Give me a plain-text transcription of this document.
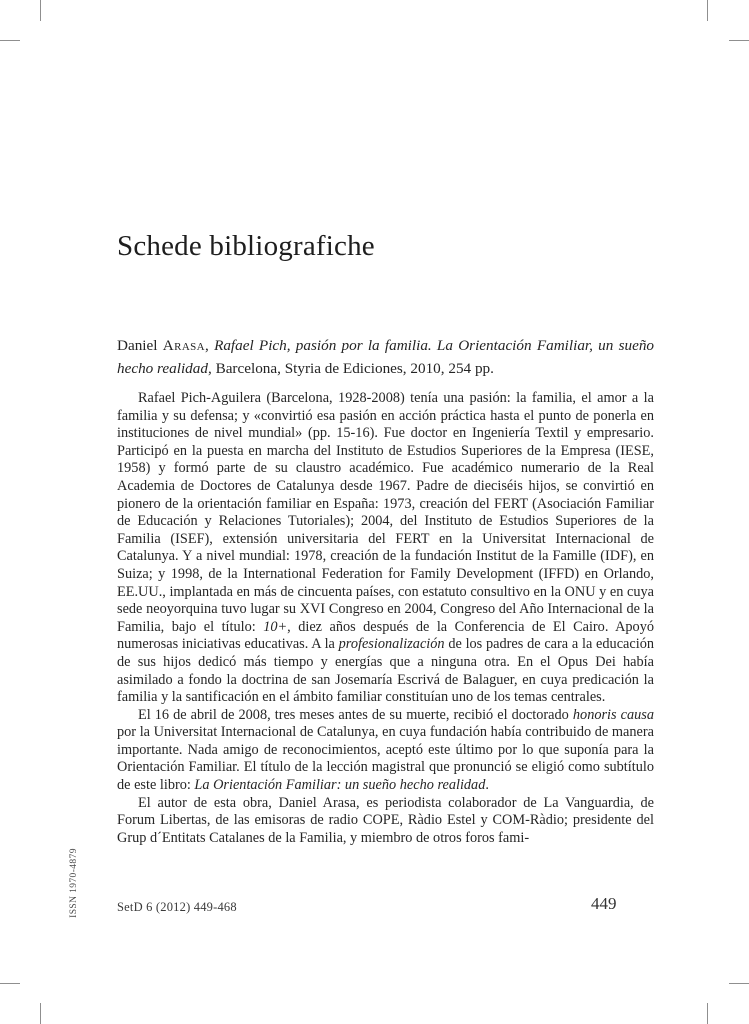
ISSN 1970-4879
Schede bibliografiche

Daniel Arasa, Rafael Pich, pasión por la familia. La Orientación Familiar, un sueño hecho realidad, Barcelona, Styria de Ediciones, 2010, 254 pp.

Rafael Pich-Aguilera (Barcelona, 1928-2008) tenía una pasión: la familia, el amor a la familia y su defensa; y «convirtió esa pasión en acción práctica hasta el punto de ponerla en instituciones de nivel mundial» (pp. 15-16). Fue doctor en Ingeniería Textil y empresario. Participó en la puesta en marcha del Instituto de Estudios Superiores de la Empresa (IESE, 1958) y formó parte de su claustro académico. Fue académico numerario de la Real Academia de Doctores de Catalunya desde 1967. Padre de dieciséis hijos, se convirtió en pionero de la orientación familiar en España: 1973, creación del FERT (Asociación Familiar de Educación y Relaciones Tutoriales); 2004, del Instituto de Estudios Superiores de la Familia (ISEF), extensión universitaria del FERT en la Universitat Internacional de Catalunya. Y a nivel mundial: 1978, creación de la fundación Institut de la Famille (IDF), en Suiza; y 1998, de la International Federation for Family Development (IFFD) en Orlando, EE.UU., implantada en más de cincuenta países, con estatuto consultivo en la ONU y en cuya sede neoyorquina tuvo lugar su XVI Congreso en 2004, Congreso del Año Internacional de la Familia, bajo el título: 10+, diez años después de la Conferencia de El Cairo. Apoyó numerosas iniciativas educativas. A la profesionalización de los padres de cara a la educación de sus hijos dedicó más tiempo y energías que a ninguna otra. En el Opus Dei había asimilado a fondo la doctrina de san Josemaría Escrivá de Balaguer, en cuya predicación la familia y la santificación en el ámbito familiar constituían uno de los temas centrales.

El 16 de abril de 2008, tres meses antes de su muerte, recibió el doctorado honoris causa por la Universitat Internacional de Catalunya, en cuya fundación había contribuido de manera importante. Nada amigo de reconocimientos, aceptó este último por lo que suponía para la Orientación Familiar. El título de la lección magistral que pronunció se eligió como subtítulo de este libro: La Orientación Familiar: un sueño hecho realidad.

El autor de esta obra, Daniel Arasa, es periodista colaborador de La Vanguardia, de Forum Libertas, de las emisoras de radio COPE, Ràdio Estel y COM-Ràdio; presidente del Grup d´Entitats Catalanes de la Familia, y miembro de otros foros fami-

SetD 6 (2012) 449-468	449
